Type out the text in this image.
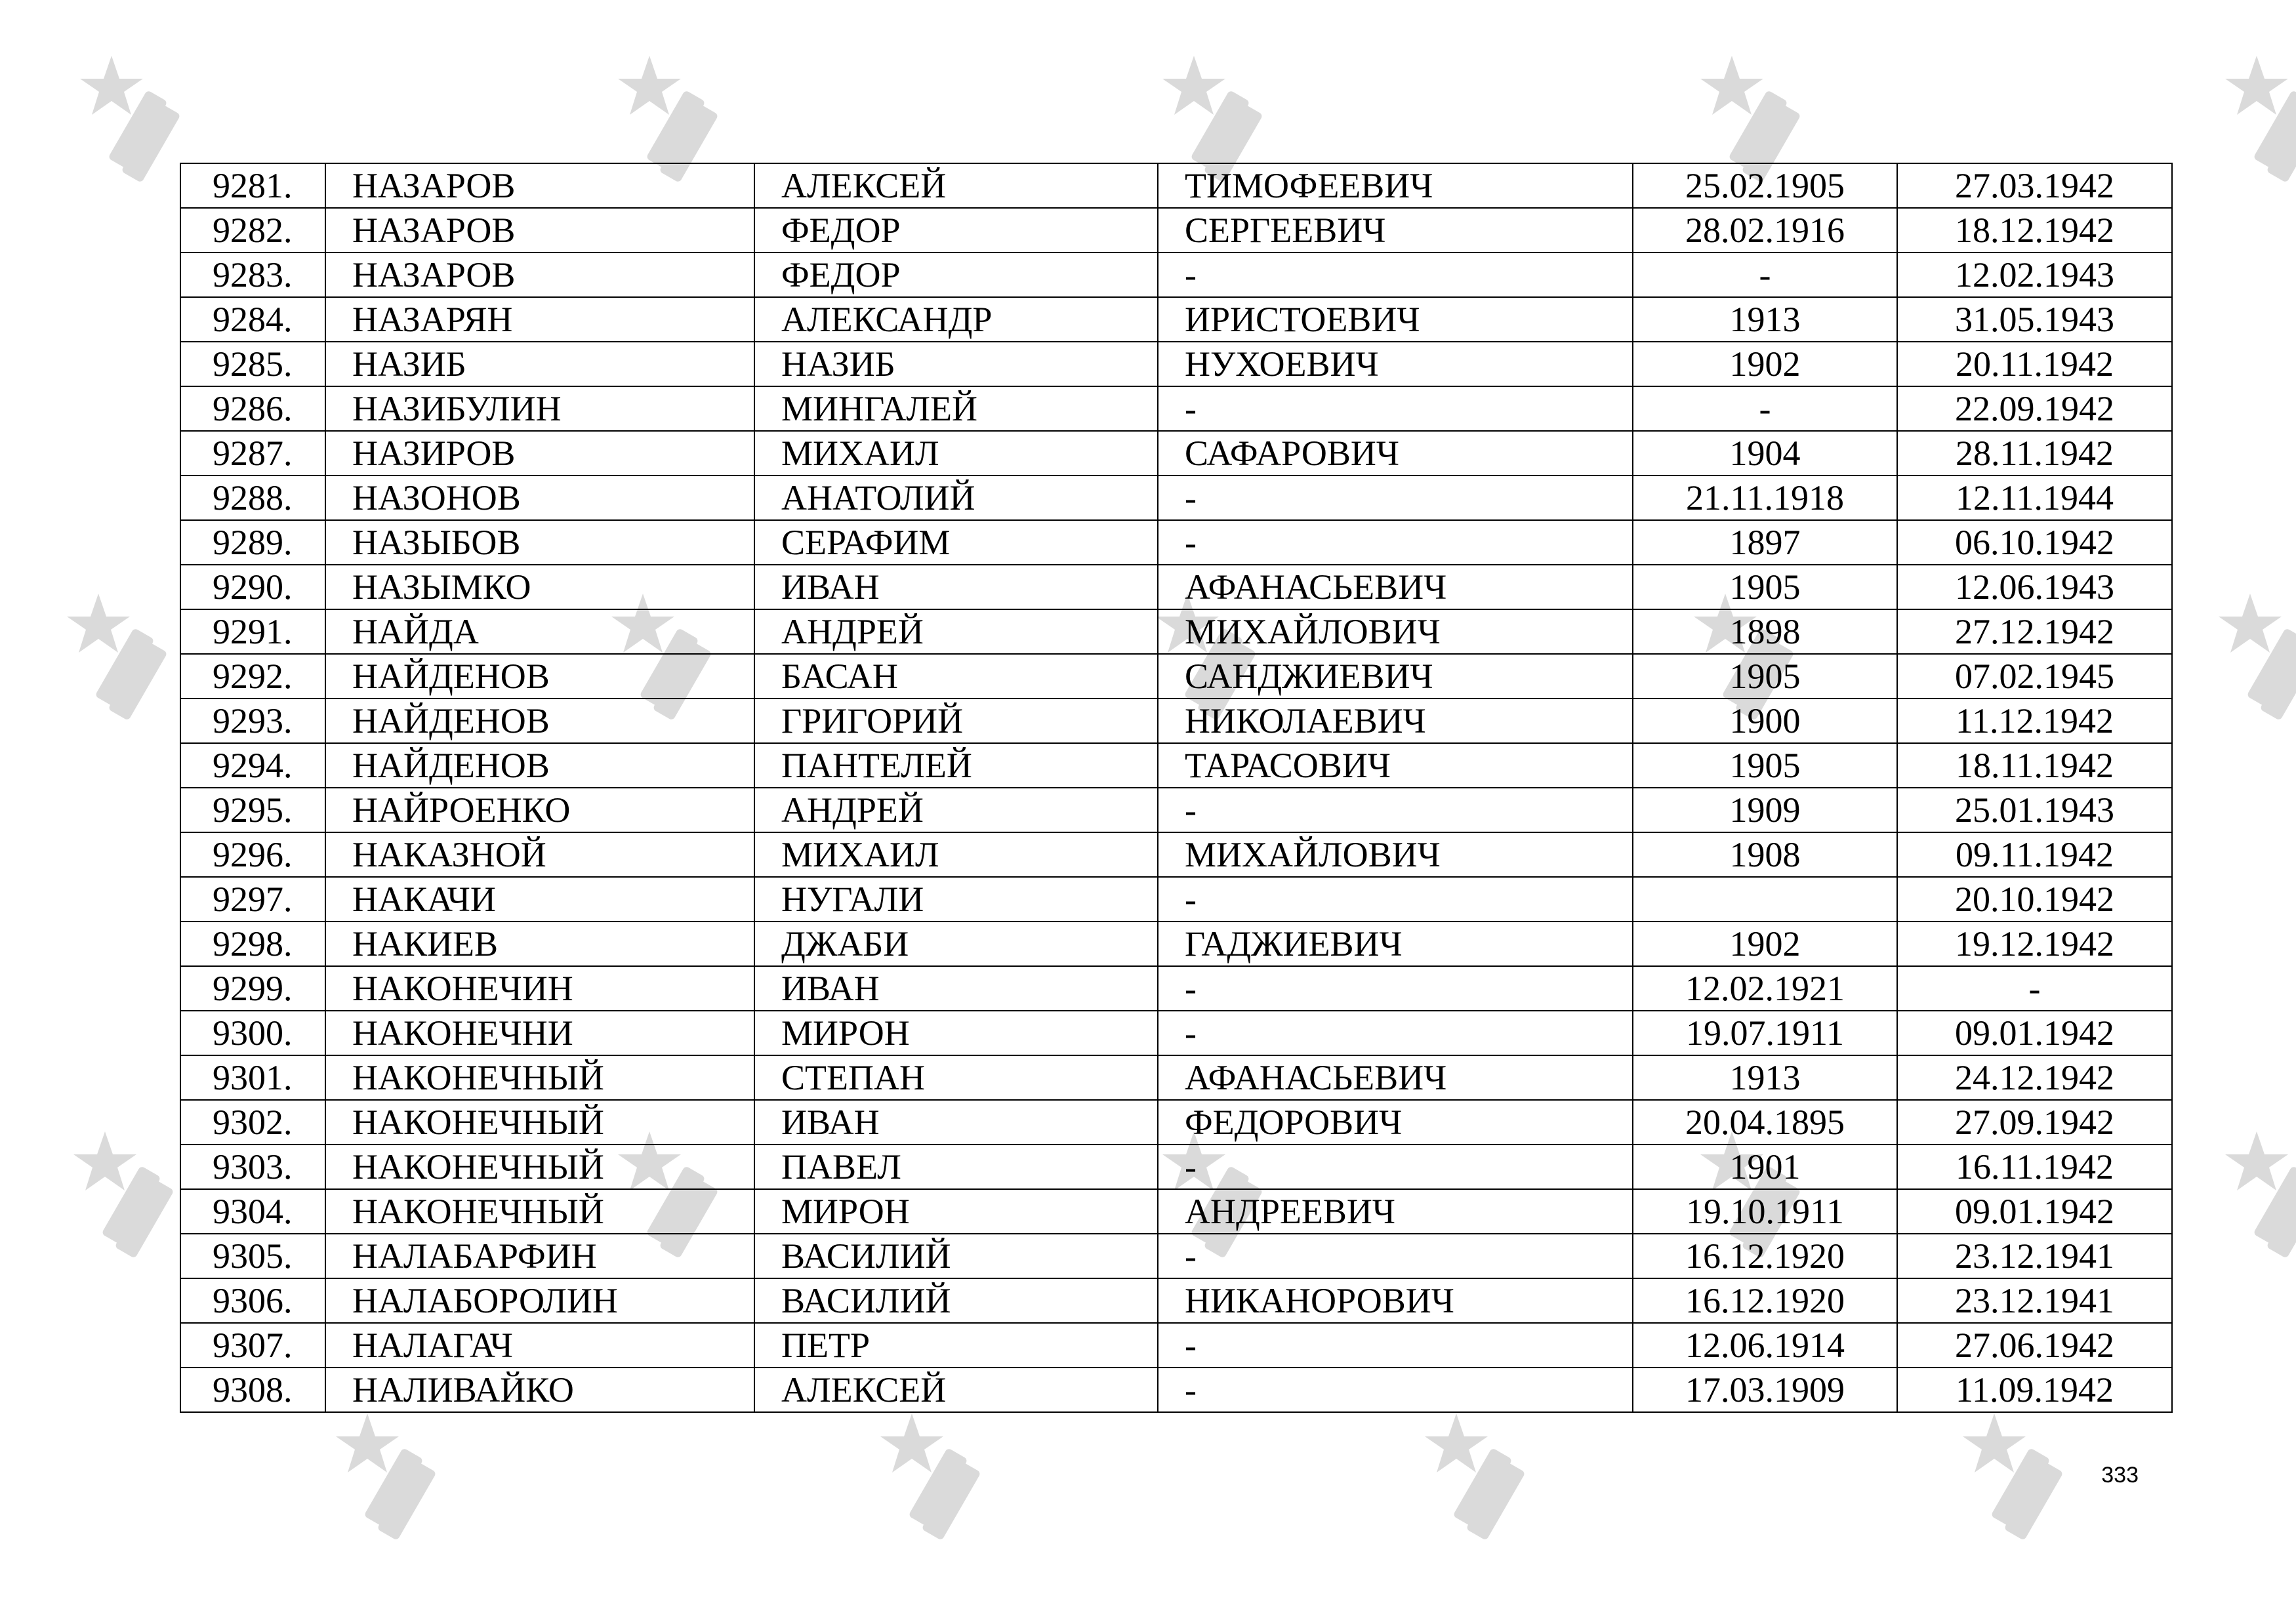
9281.	НАЗАРОВ	АЛЕКСЕЙ	ТИМОФЕЕВИЧ	25.02.1905	27.03.1942
9282.	НАЗАРОВ	ФЕДОР	СЕРГЕЕВИЧ	28.02.1916	18.12.1942
9283.	НАЗАРОВ	ФЕДОР	-	-	12.02.1943
9284.	НАЗАРЯН	АЛЕКСАНДР	ИРИСТОЕВИЧ	1913	31.05.1943
9285.	НАЗИБ	НАЗИБ	НУХОЕВИЧ	1902	20.11.1942
9286.	НАЗИБУЛИН	МИНГАЛЕЙ	-	-	22.09.1942
9287.	НАЗИРОВ	МИХАИЛ	САФАРОВИЧ	1904	28.11.1942
9288.	НАЗОНОВ	АНАТОЛИЙ	-	21.11.1918	12.11.1944
9289.	НАЗЫБОВ	СЕРАФИМ	-	1897	06.10.1942
9290.	НАЗЫМКО	ИВАН	АФАНАСЬЕВИЧ	1905	12.06.1943
9291.	НАЙДА	АНДРЕЙ	МИХАЙЛОВИЧ	1898	27.12.1942
9292.	НАЙДЕНОВ	БАСАН	САНДЖИЕВИЧ	1905	07.02.1945
9293.	НАЙДЕНОВ	ГРИГОРИЙ	НИКОЛАЕВИЧ	1900	11.12.1942
9294.	НАЙДЕНОВ	ПАНТЕЛЕЙ	ТАРАСОВИЧ	1905	18.11.1942
9295.	НАЙРОЕНКО	АНДРЕЙ	-	1909	25.01.1943
9296.	НАКАЗНОЙ	МИХАИЛ	МИХАЙЛОВИЧ	1908	09.11.1942
9297.	НАКАЧИ	НУГАЛИ	-		20.10.1942
9298.	НАКИЕВ	ДЖАБИ	ГАДЖИЕВИЧ	1902	19.12.1942
9299.	НАКОНЕЧИН	ИВАН	-	12.02.1921	-
9300.	НАКОНЕЧНИ	МИРОН	-	19.07.1911	09.01.1942
9301.	НАКОНЕЧНЫЙ	СТЕПАН	АФАНАСЬЕВИЧ	1913	24.12.1942
9302.	НАКОНЕЧНЫЙ	ИВАН	ФЕДОРОВИЧ	20.04.1895	27.09.1942
9303.	НАКОНЕЧНЫЙ	ПАВЕЛ	-	1901	16.11.1942
9304.	НАКОНЕЧНЫЙ	МИРОН	АНДРЕЕВИЧ	19.10.1911	09.01.1942
9305.	НАЛАБАРФИН	ВАСИЛИЙ	-	16.12.1920	23.12.1941
9306.	НАЛАБОРОЛИН	ВАСИЛИЙ	НИКАНОРОВИЧ	16.12.1920	23.12.1941
9307.	НАЛАГАЧ	ПЕТР	-	12.06.1914	27.06.1942
9308.	НАЛИВАЙКО	АЛЕКСЕЙ	-	17.03.1909	11.09.1942
333
